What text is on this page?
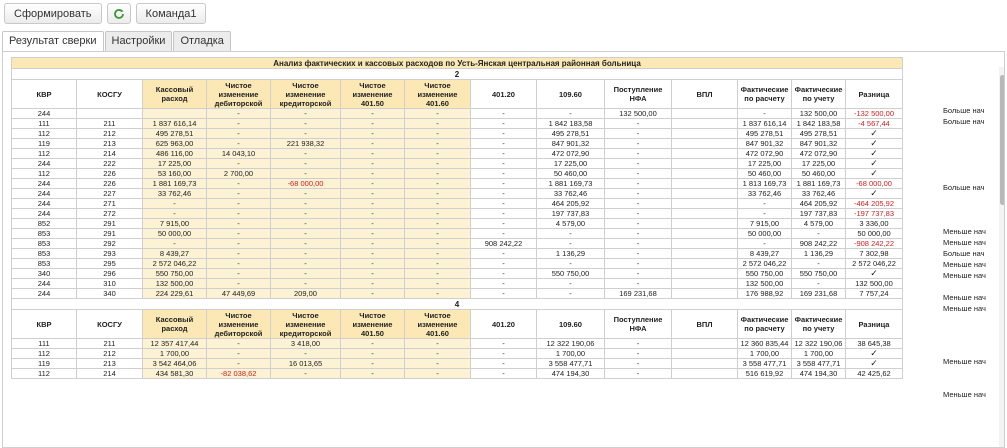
Сформировать	Команда1
Результат сверки	Настройки	Отладка
Анализ фактических и кассовых расходов по Усть-Янская центральная районная больница													
2													
КВР	КОСГУ	Кассовый расход	Чистое изменение дебиторской	Чистое изменение кредиторской	Чистое изменение 401.50	Чистое изменение 401.60	401.20	109.60	Поступление НФА	ВПЛ	Фактические по расчету	Фактические по учету	Разница
244			-	-	-	-	-	-	132 500,00		-	132 500,00	-132 500,00
111	211	1 837 616,14	-	-	-	-	-	1 842 183,58	-		1 837 616,14	1 842 183,58	-4 567,44
112	212	495 278,51	-	-	-	-	-	495 278,51	-		495 278,51	495 278,51	✓
119	213	625 963,00	-	221 938,32	-	-	-	847 901,32	-		847 901,32	847 901,32	✓
112	214	486 116,00	14 043,10	-	-	-	-	472 072,90	-		472 072,90	472 072,90	✓
244	222	17 225,00	-	-	-	-	-	17 225,00	-		17 225,00	17 225,00	✓
112	226	53 160,00	2 700,00	-	-	-	-	50 460,00	-		50 460,00	50 460,00	✓
244	226	1 881 169,73	-	-68 000,00	-	-	-	1 881 169,73	-		1 813 169,73	1 881 169,73	-68 000,00
244	227	33 762,46	-	-	-	-	-	33 762,46	-		33 762,46	33 762,46	✓
244	271	-	-	-	-	-	-	464 205,92	-		-	464 205,92	-464 205,92
244	272	-	-	-	-	-	-	197 737,83	-		-	197 737,83	-197 737,83
852	291	7 915,00	-	-	-	-	-	4 579,00	-		7 915,00	4 579,00	3 336,00
853	291	50 000,00	-	-	-	-	-	-	-		50 000,00	-	50 000,00
853	292	-	-	-	-	-	908 242,22	-	-		-	908 242,22	-908 242,22
853	293	8 439,27	-	-	-	-	-	1 136,29	-		8 439,27	1 136,29	7 302,98
853	295	2 572 046,22	-	-	-	-	-	-	-		2 572 046,22	-	2 572 046,22
340	296	550 750,00	-	-	-	-	-	550 750,00	-		550 750,00	550 750,00	✓
244	310	132 500,00	-	-	-	-	-	-	-		132 500,00	-	132 500,00
244	340	224 229,61	47 449,69	209,00	-	-	-	-	169 231,68		176 988,92	169 231,68	7 757,24
4													
КВР	КОСГУ	Кассовый расход	Чистое изменение дебиторской	Чистое изменение кредиторской	Чистое изменение 401.50	Чистое изменение 401.60	401.20	109.60	Поступление НФА	ВПЛ	Фактические по расчету	Фактические по учету	Разница
111	211	12 357 417,44	-	3 418,00	-	-	-	12 322 190,06	-		12 360 835,44	12 322 190,06	38 645,38
112	212	1 700,00	-	-	-	-	-	1 700,00	-		1 700,00	1 700,00	✓
119	213	3 542 464,06	-	16 013,65	-	-	-	3 558 477,71	-		3 558 477,71	3 558 477,71	✓
112	214	434 581,30	-82 038,62	-	-	-	-	474 194,30	-		516 619,92	474 194,30	42 425,62
Больше нач
Больше нач
Больше нач
Меньше нач
Меньше нач
Больше нач
Меньше нач
Меньше нач
Меньше нач
Меньше нач
Меньше нач
Меньше нач
